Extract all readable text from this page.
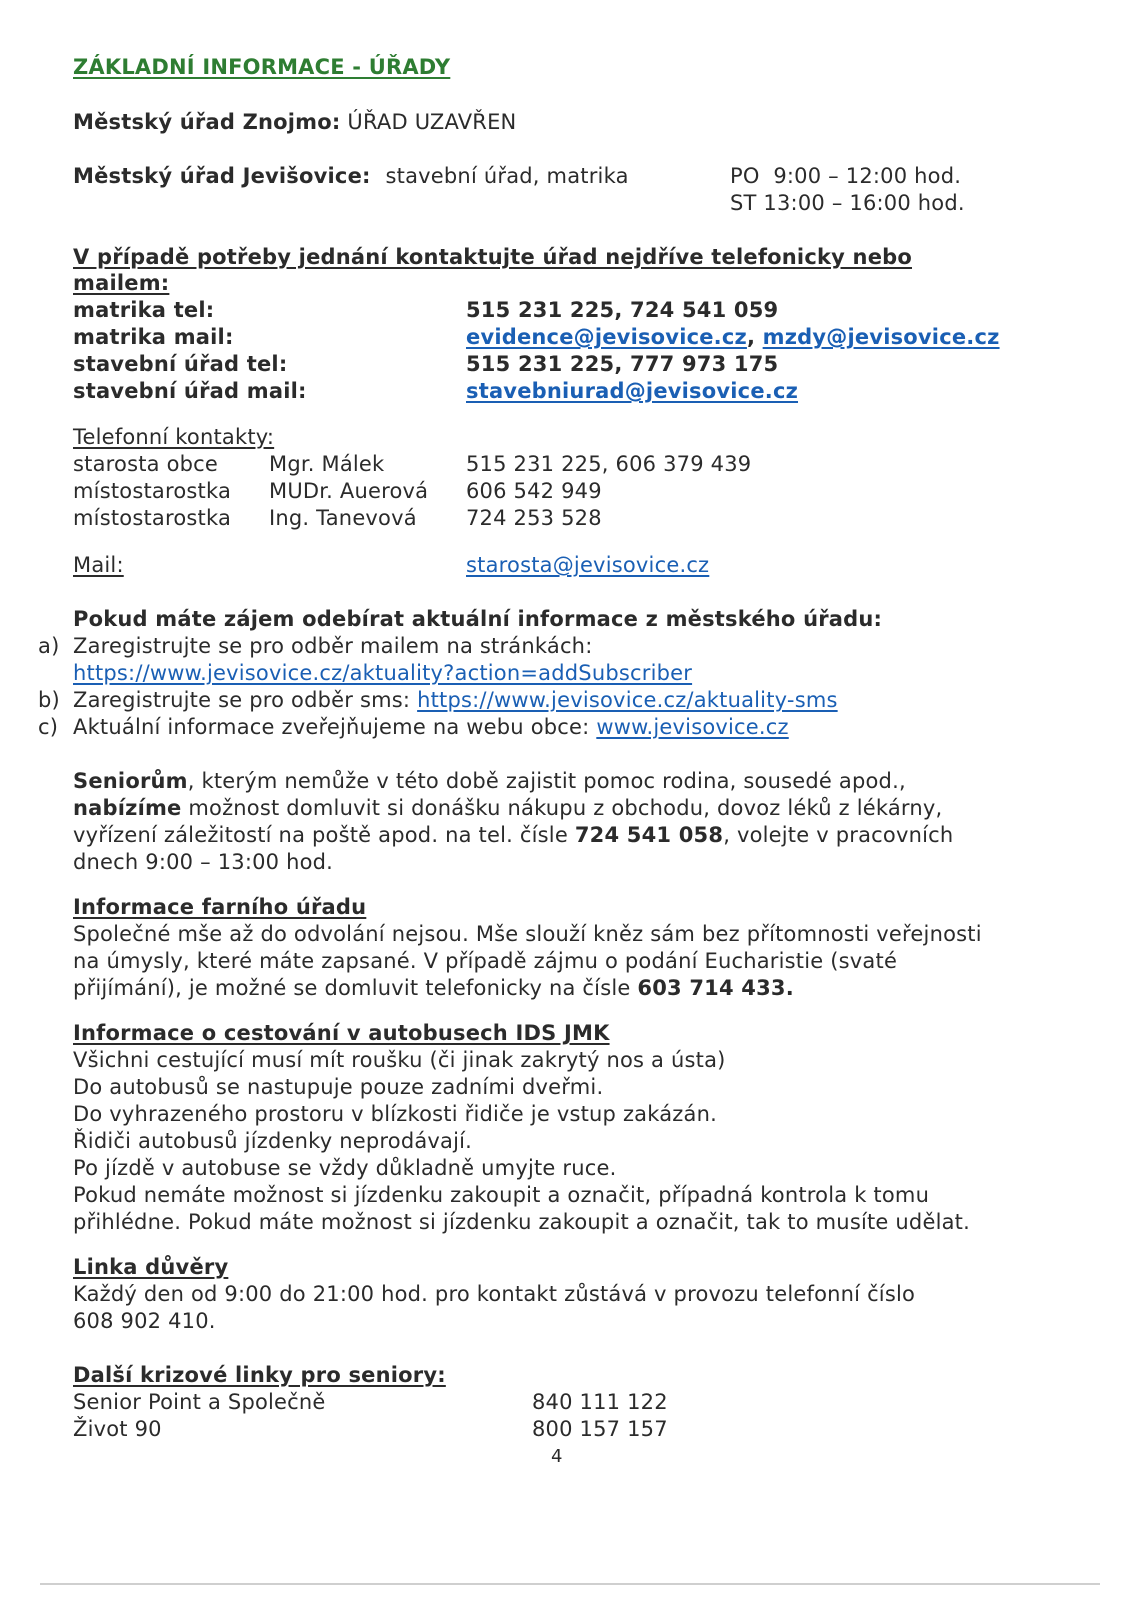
ZÁKLADNÍ INFORMACE - ÚŘADY
Městský úřad Znojmo: ÚŘAD UZAVŘEN
Městský úřad Jevišovice: stavební úřad, matrika	PO  9:00 – 12:00 hod.
ST 13:00 – 16:00 hod.
V případě potřeby jednání kontaktujte úřad nejdříve telefonicky nebo
mailem:
matrika tel:	515 231 225, 724 541 059
matrika mail:	evidence@jevisovice.cz, mzdy@jevisovice.cz
stavební úřad tel:	515 231 225, 777 973 175
stavební úřad mail:	stavebniurad@jevisovice.cz
Telefonní kontakty:
starosta obce Mgr. Málek	515 231 225, 606 379 439
místostarostka MUDr. Auerová 606 542 949
místostarostka Ing. Tanevová 724 253 528
Mail:	starosta@jevisovice.cz
Pokud máte zájem odebírat aktuální informace z městského úřadu:
a) Zaregistrujte se pro odběr mailem na stránkách:
https://www.jevisovice.cz/aktuality?action=addSubscriber
b) Zaregistrujte se pro odběr sms: https://www.jevisovice.cz/aktuality-sms
c) Aktuální informace zveřejňujeme na webu obce: www.jevisovice.cz
Seniorům, kterým nemůže v této době zajistit pomoc rodina, sousedé apod.,
nabízíme možnost domluvit si donášku nákupu z obchodu, dovoz léků z lékárny,
vyřízení záležitostí na poště apod. na tel. čísle 724 541 058, volejte v pracovních
dnech 9:00 – 13:00 hod.
Informace farního úřadu
Společné mše až do odvolání nejsou. Mše slouží kněz sám bez přítomnosti veřejnosti
na úmysly, které máte zapsané. V případě zájmu o podání Eucharistie (svaté
přijímání), je možné se domluvit telefonicky na čísle 603 714 433.
Informace o cestování v autobusech IDS JMK
Všichni cestující musí mít roušku (či jinak zakrytý nos a ústa)
Do autobusů se nastupuje pouze zadními dveřmi.
Do vyhrazeného prostoru v blízkosti řidiče je vstup zakázán.
Řidiči autobusů jízdenky neprodávají.
Po jízdě v autobuse se vždy důkladně umyjte ruce.
Pokud nemáte možnost si jízdenku zakoupit a označit, případná kontrola k tomu
přihlédne. Pokud máte možnost si jízdenku zakoupit a označit, tak to musíte udělat.
Linka důvěry
Každý den od 9:00 do 21:00 hod. pro kontakt zůstává v provozu telefonní číslo
608 902 410.
Další krizové linky pro seniory:
Senior Point a Společně	840 111 122
Život 90	800 157 157
4
